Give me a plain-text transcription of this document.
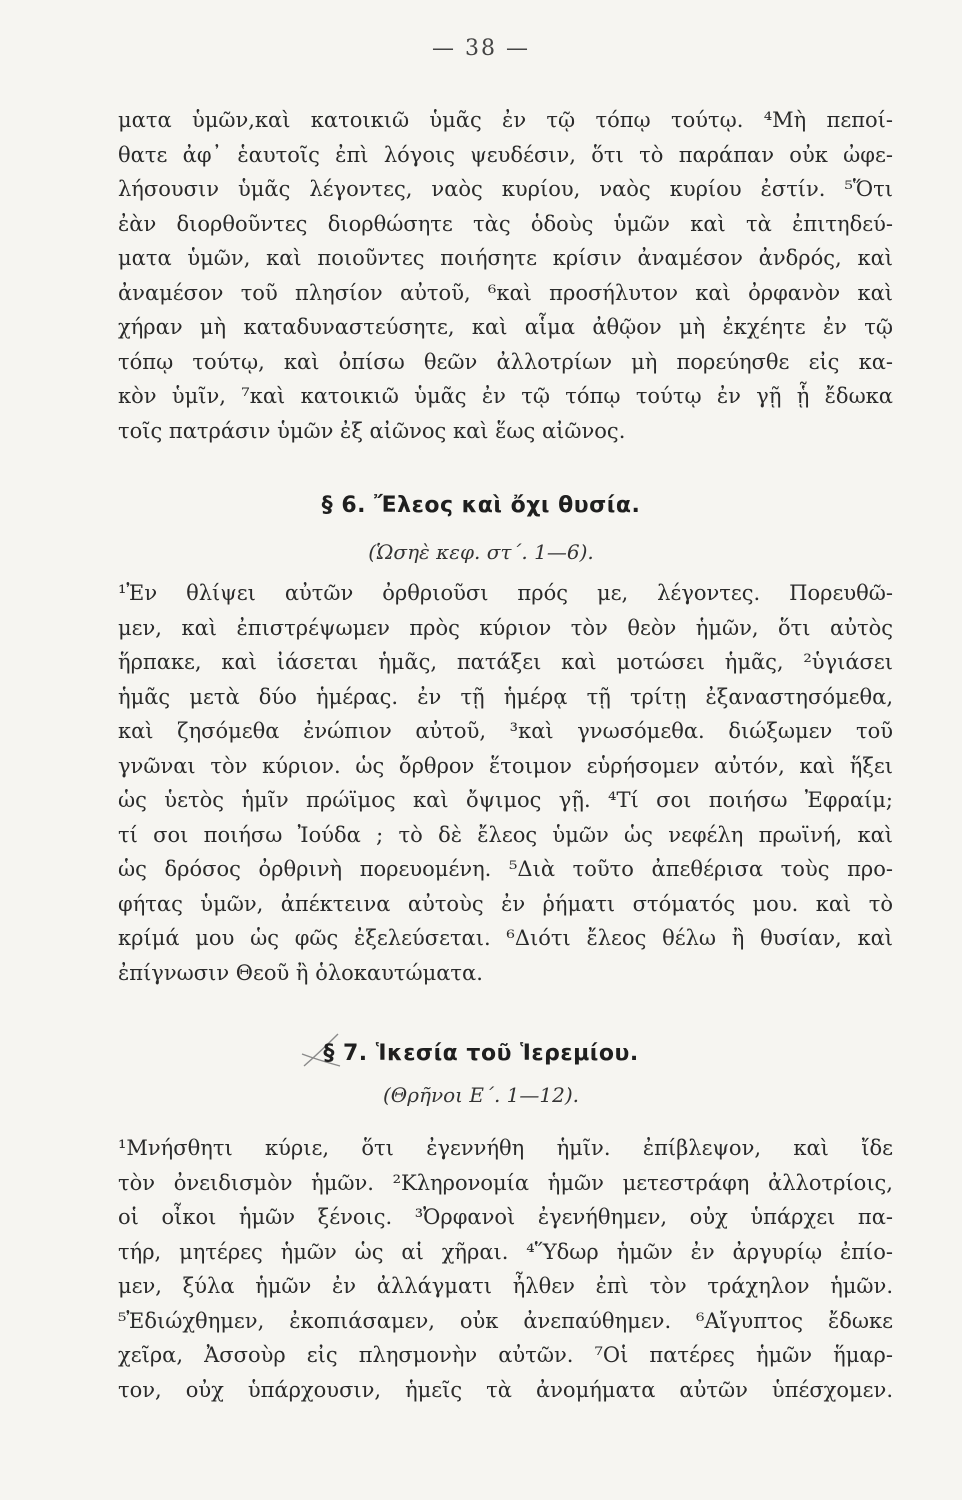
— 38 —
ματα ὑμῶν,καὶ κατοικιῶ ὑμᾶς ἐν τῷ τόπῳ τούτῳ. ⁴Μὴ πεποί-
θατε ἀφ᾽ ἑαυτοῖς ἐπὶ λόγοις ψευδέσιν, ὅτι τὸ παράπαν οὐκ ὠφε-
λήσουσιν ὑμᾶς λέγοντες, ναὸς κυρίου, ναὸς κυρίου ἐστίν. ⁵Ὅτι
ἐὰν διορθοῦντες διορθώσητε τὰς ὁδοὺς ὑμῶν καὶ τὰ ἐπιτηδεύ-
ματα ὑμῶν, καὶ ποιοῦντες ποιήσητε κρίσιν ἀναμέσον ἀνδρός, καὶ
ἀναμέσον τοῦ πλησίον αὐτοῦ, ⁶καὶ προσήλυτον καὶ ὀρφανὸν καὶ
χήραν μὴ καταδυναστεύσητε, καὶ αἷμα ἀθῷον μὴ ἐκχέητε ἐν τῷ
τόπῳ τούτῳ, καὶ ὀπίσω θεῶν ἀλλοτρίων μὴ πορεύησθε εἰς κα-
κὸν ὑμῖν, ⁷καὶ κατοικιῶ ὑμᾶς ἐν τῷ τόπῳ τούτῳ ἐν γῇ ᾗ ἔδωκα
τοῖς πατράσιν ὑμῶν ἐξ αἰῶνος καὶ ἕως αἰῶνος.
§ 6. Ἔλεος καὶ ὄχι θυσία.
(Ὡσηὲ κεφ. στ΄. 1—6).
¹Ἐν θλίψει αὐτῶν ὀρθριοῦσι πρός με, λέγοντες. Πορευθῶ-
μεν, καὶ ἐπιστρέψωμεν πρὸς κύριον τὸν θεὸν ἡμῶν, ὅτι αὐτὸς
ἥρπακε, καὶ ἰάσεται ἡμᾶς, πατάξει καὶ μοτώσει ἡμᾶς, ²ὑγιάσει
ἡμᾶς μετὰ δύο ἡμέρας. ἐν τῇ ἡμέρᾳ τῇ τρίτῃ ἐξαναστησόμεθα,
καὶ ζησόμεθα ἐνώπιον αὐτοῦ, ³καὶ γνωσόμεθα. διώξωμεν τοῦ
γνῶναι τὸν κύριον. ὡς ὄρθρον ἕτοιμον εὑρήσομεν αὐτόν, καὶ ἥξει
ὡς ὑετὸς ἡμῖν πρώϊμος καὶ ὄψιμος γῇ. ⁴Τί σοι ποιήσω Ἐφραίμ;
τί σοι ποιήσω Ἰούδα ; τὸ δὲ ἔλεος ὑμῶν ὡς νεφέλη πρωϊνή, καὶ
ὡς δρόσος ὀρθρινὴ πορευομένη. ⁵Διὰ τοῦτο ἀπεθέρισα τοὺς προ-
φήτας ὑμῶν, ἀπέκτεινα αὐτοὺς ἐν ῥήματι στόματός μου. καὶ τὸ
κρίμά μου ὡς φῶς ἐξελεύσεται. ⁶Διότι ἔλεος θέλω ἢ θυσίαν, καὶ
ἐπίγνωσιν Θεοῦ ἢ ὁλοκαυτώματα.
§ 7. Ἱκεσία τοῦ Ἱερεμίου.
(Θρῆνοι Ε΄. 1—12).
¹Μνήσθητι κύριε, ὅτι ἐγεννήθη ἡμῖν. ἐπίβλεψον, καὶ ἴδε
τὸν ὀνειδισμὸν ἡμῶν. ²Κληρονομία ἡμῶν μετεστράφη ἀλλοτρίοις,
οἱ οἶκοι ἡμῶν ξένοις. ³Ὀρφανοὶ ἐγενήθημεν, οὐχ ὑπάρχει πα-
τήρ, μητέρες ἡμῶν ὡς αἱ χῆραι. ⁴Ὕδωρ ἡμῶν ἐν ἀργυρίῳ ἐπίο-
μεν, ξύλα ἡμῶν ἐν ἀλλάγματι ἦλθεν ἐπὶ τὸν τράχηλον ἡμῶν.
⁵Ἐδιώχθημεν, ἐκοπιάσαμεν, οὐκ ἀνεπαύθημεν. ⁶Αἴγυπτος ἔδωκε
χεῖρα, Ἀσσοὺρ εἰς πλησμονὴν αὐτῶν. ⁷Οἱ πατέρες ἡμῶν ἥμαρ-
τον, οὐχ ὑπάρχουσιν, ἡμεῖς τὰ ἀνομήματα αὐτῶν ὑπέσχομεν.
